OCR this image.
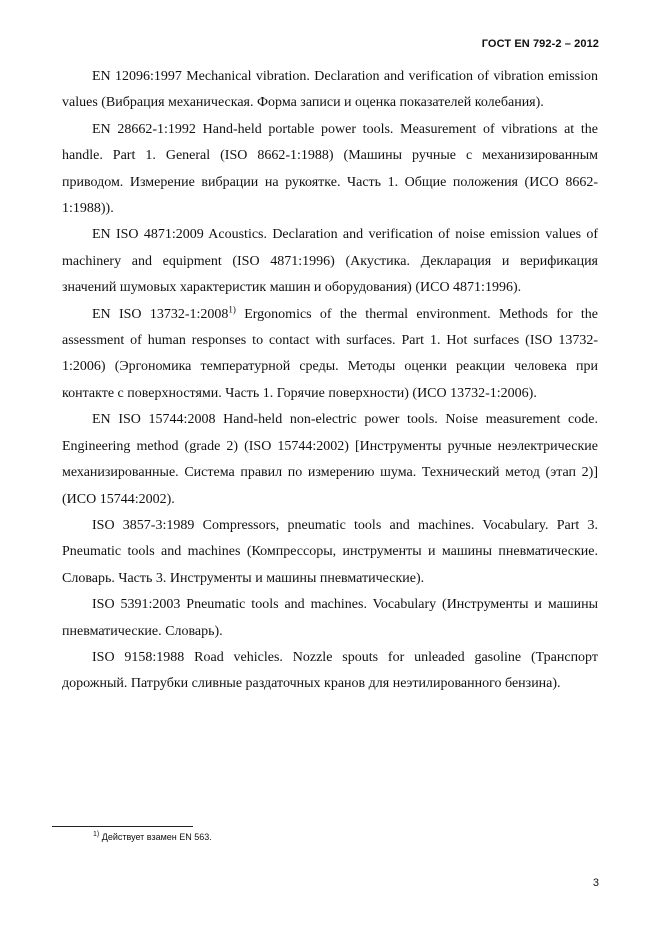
ГОСТ EN 792-2 – 2012

EN 12096:1997 Mechanical vibration. Declaration and verification of vibration emission values (Вибрация механическая. Форма записи и оценка показателей колебания).

EN 28662-1:1992 Hand-held portable power tools. Measurement of vibrations at the handle. Part 1. General (ISO 8662-1:1988) (Машины ручные с механизированным приводом. Измерение вибрации на рукоятке. Часть 1. Общие положения (ИСО 8662-1:1988)).

EN ISO 4871:2009 Acoustics. Declaration and verification of noise emission values of machinery and equipment (ISO 4871:1996) (Акустика. Декларация и верификация значений шумовых характеристик машин и оборудования) (ИСО 4871:1996).

EN ISO 13732-1:2008$^{1)}$ Ergonomics of the thermal environment. Methods for the assessment of human responses to contact with surfaces. Part 1. Hot surfaces (ISO 13732-1:2006) (Эргономика температурной среды. Методы оценки реакции человека при контакте с поверхностями. Часть 1. Горячие поверхности) (ИСО 13732-1:2006).

EN ISO 15744:2008 Hand-held non-electric power tools. Noise measurement code. Engineering method (grade 2) (ISO 15744:2002) [Инструменты ручные неэлектрические механизированные. Система правил по измерению шума. Технический метод (этап 2)] (ИСО 15744:2002).

ISO 3857-3:1989 Compressors, pneumatic tools and machines. Vocabulary. Part 3. Pneumatic tools and machines (Компрессоры, инструменты и машины пневматические. Словарь. Часть 3. Инструменты и машины пневматические).

ISO 5391:2003 Pneumatic tools and machines. Vocabulary (Инструменты и машины пневматические. Словарь).

ISO 9158:1988 Road vehicles. Nozzle spouts for unleaded gasoline (Транспорт дорожный. Патрубки сливные раздаточных кранов для неэтилированного бензина).

$^{1)}$ Действует взамен EN 563.
3
